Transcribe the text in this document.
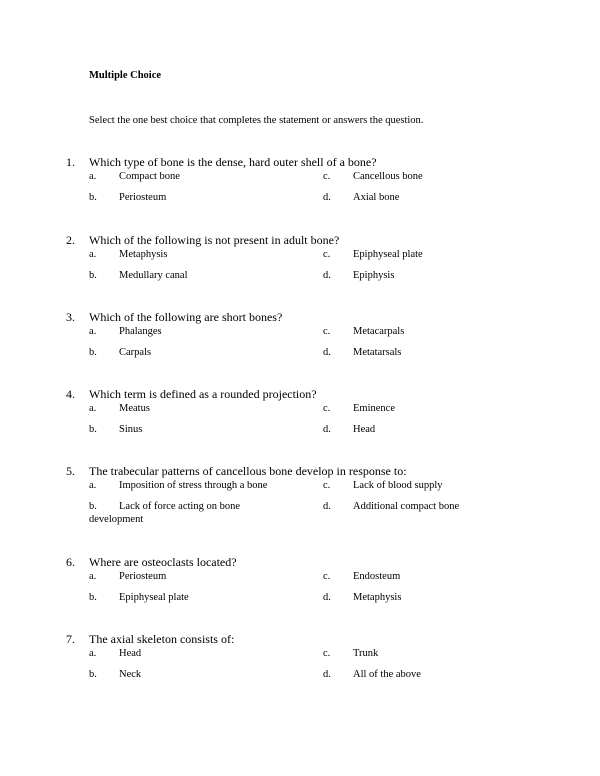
Multiple Choice
Select the one best choice that completes the statement or answers the question.
1. Which type of bone is the dense, hard outer shell of a bone?
a. Compact bone	c. Cancellous bone
b. Periosteum	d. Axial bone
2. Which of the following is not present in adult bone?
a. Metaphysis	c. Epiphyseal plate
b. Medullary canal	d. Epiphysis
3. Which of the following are short bones?
a. Phalanges	c. Metacarpals
b. Carpals	d. Metatarsals
4. Which term is defined as a rounded projection?
a. Meatus	c. Eminence
b. Sinus	d. Head
5. The trabecular patterns of cancellous bone develop in response to:
a. Imposition of stress through a bone	c. Lack of blood supply
b. Lack of force acting on bone
development
d. Additional compact bone
6. Where are osteoclasts located?
a. Periosteum	c. Endosteum
b. Epiphyseal plate	d. Metaphysis
7. The axial skeleton consists of:
a. Head	c. Trunk
b. Neck	d. All of the above
